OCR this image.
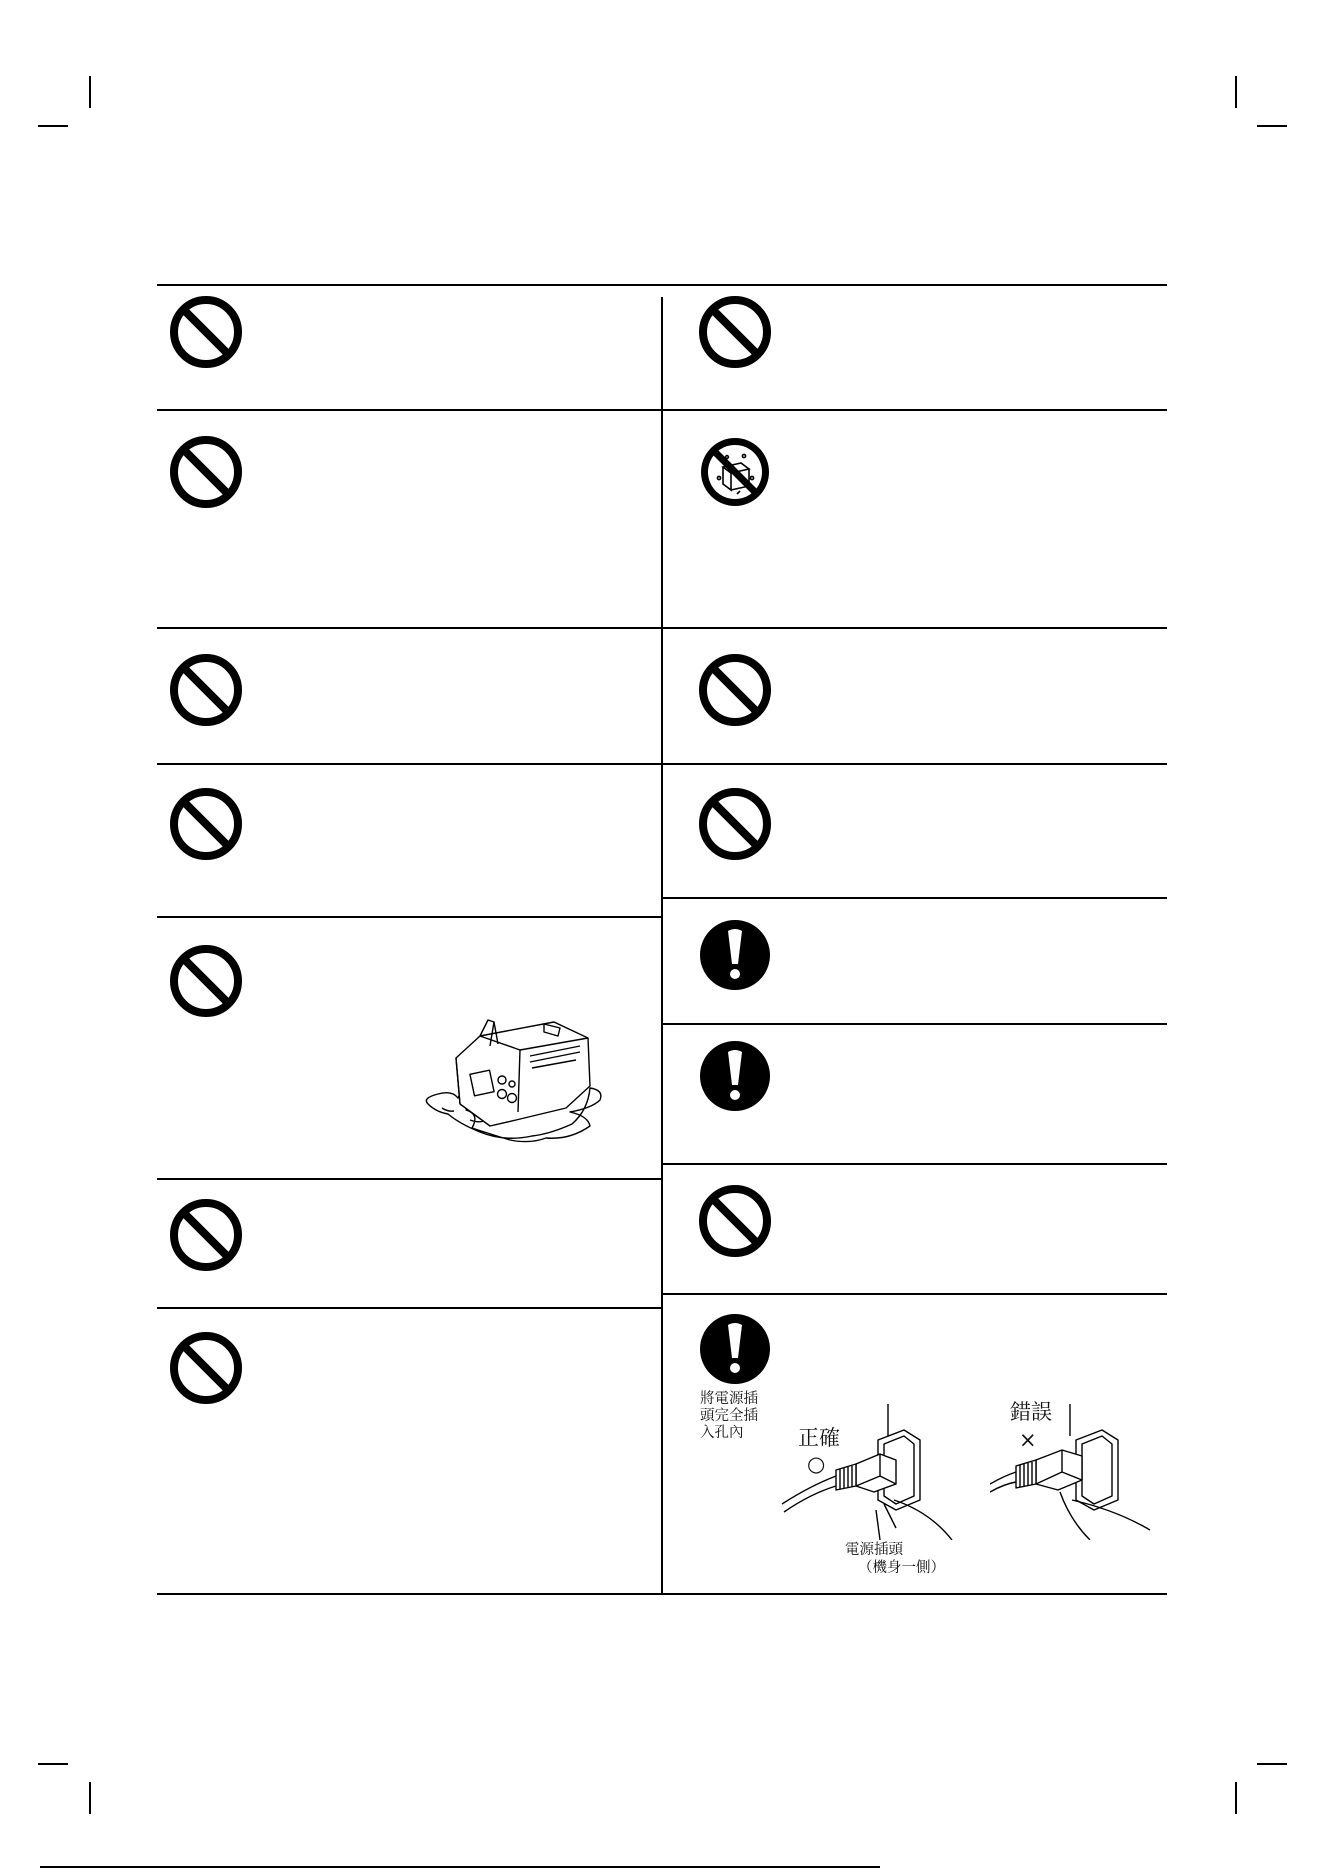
將電源插
頭完全插
入孔內	正確
○
錯誤
×
電源插頭
（機身一側）
